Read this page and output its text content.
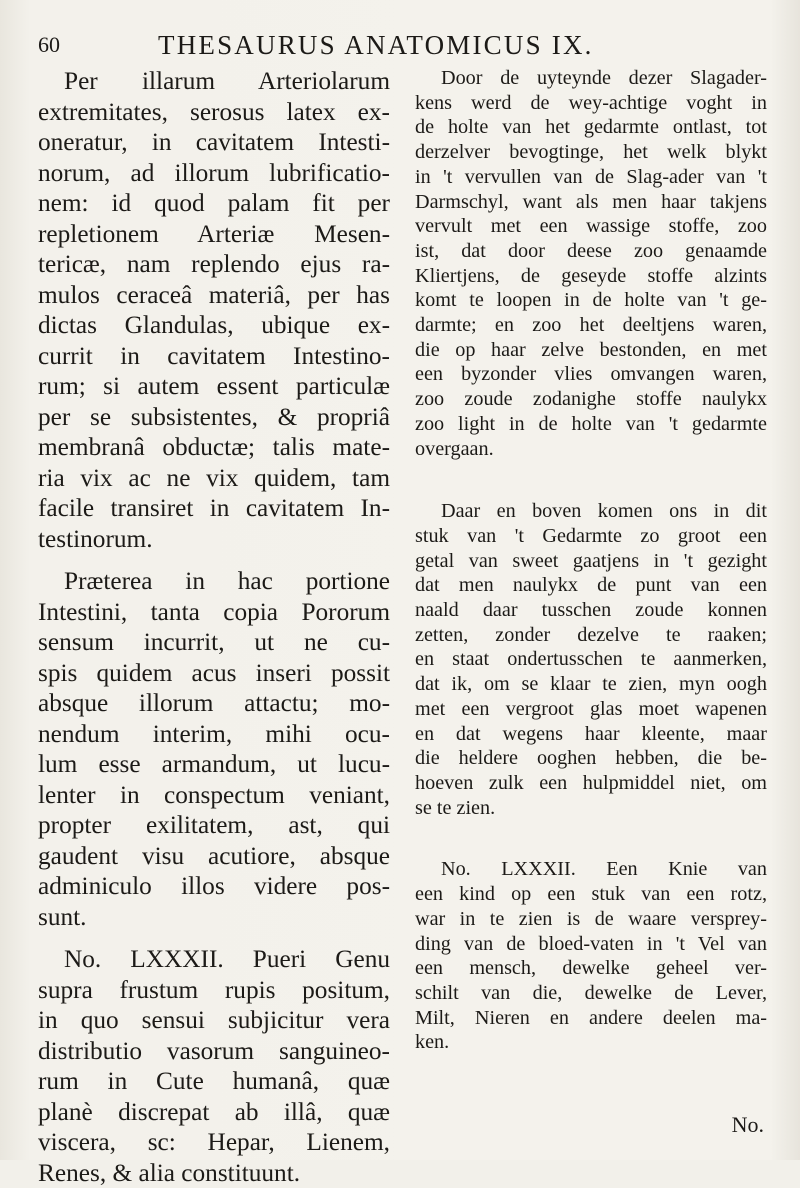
60	THESAURUS ANATOMICUS IX.

Per illarum Arteriolarum
extremitates, serosus latex ex-
oneratur, in cavitatem Intesti-
norum, ad illorum lubrificatio-
nem: id quod palam fit per
repletionem Arteriæ Mesen-
tericæ, nam replendo ejus ra-
mulos ceraceâ materiâ, per has
dictas Glandulas, ubique ex-
currit in cavitatem Intestino-
rum; si autem essent particulæ
per se subsistentes, & propriâ
membranâ obductæ; talis mate-
ria vix ac ne vix quidem, tam
facile transiret in cavitatem In-
testinorum.

Præterea in hac portione
Intestini, tanta copia Pororum
sensum incurrit, ut ne cu-
spis quidem acus inseri possit
absque illorum attactu; mo-
nendum interim, mihi ocu-
lum esse armandum, ut lucu-
lenter in conspectum veniant,
propter exilitatem, ast, qui
gaudent visu acutiore, absque
adminiculo illos videre pos-
sunt.

No. LXXXII. Pueri Genu
supra frustum rupis positum,
in quo sensui subjicitur vera
distributio vasorum sanguineo-
rum in Cute humanâ, quæ
planè discrepat ab illâ, quæ
viscera, sc: Hepar, Lienem,
Renes, & alia constituunt.

Door de uyteynde dezer Slagader-
kens werd de wey-achtige voght in
de holte van het gedarmte ontlast, tot
derzelver bevogtinge, het welk blykt
in 't vervullen van de Slag-ader van 't
Darmschyl, want als men haar takjens
vervult met een wassige stoffe, zoo
ist, dat door deese zoo genaamde
Kliertjens, de geseyde stoffe alzints
komt te loopen in de holte van 't ge-
darmte; en zoo het deeltjens waren,
die op haar zelve bestonden, en met
een byzonder vlies omvangen waren,
zoo zoude zodanighe stoffe naulykx
zoo light in de holte van 't gedarmte
overgaan.

Daar en boven komen ons in dit
stuk van 't Gedarmte zo groot een
getal van sweet gaatjens in 't gezight
dat men naulykx de punt van een
naald daar tusschen zoude konnen
zetten, zonder dezelve te raaken;
en staat ondertusschen te aanmerken,
dat ik, om se klaar te zien, myn oogh
met een vergroot glas moet wapenen
en dat wegens haar kleente, maar
die heldere ooghen hebben, die be-
hoeven zulk een hulpmiddel niet, om
se te zien.

No. LXXXII. Een Knie van
een kind op een stuk van een rotz,
war in te zien is de waare versprey-
ding van de bloed-vaten in 't Vel van
een mensch, dewelke geheel ver-
schilt van die, dewelke de Lever,
Milt, Nieren en andere deelen ma-
ken.

No.
